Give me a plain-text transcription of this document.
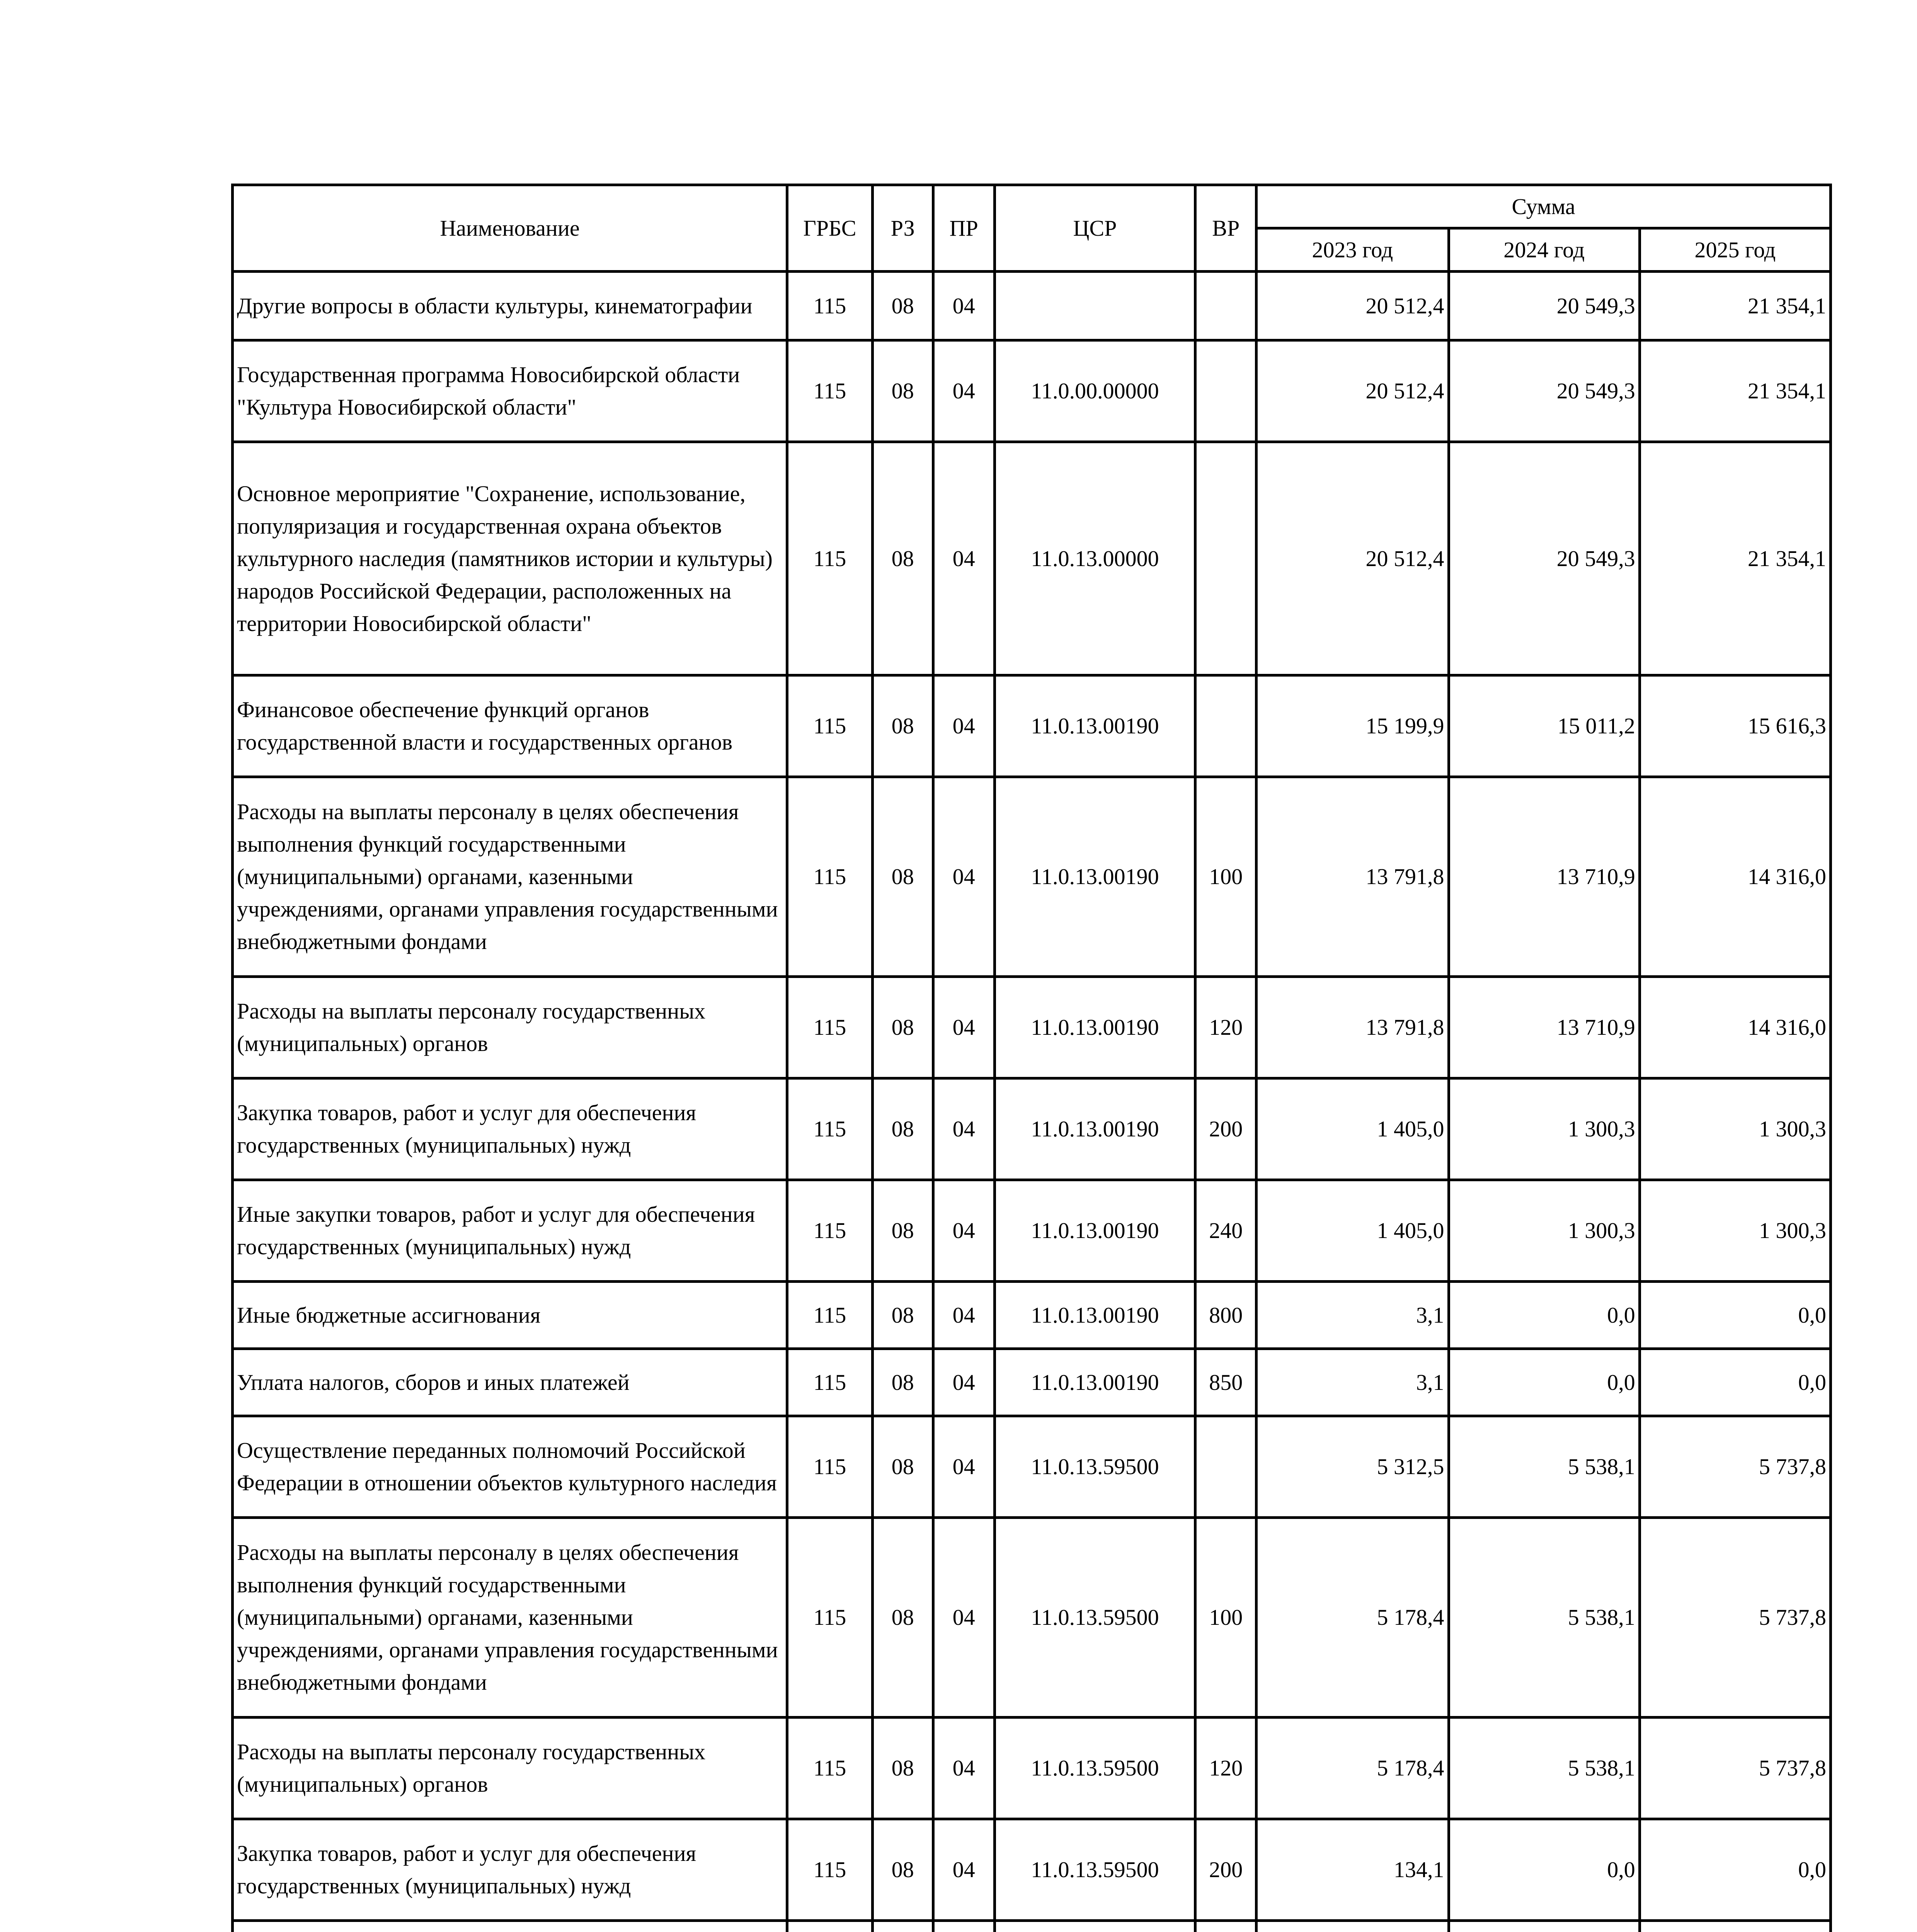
Наименование	ГРБС	РЗ	ПР	ЦСР	ВР	Сумма		
						2023 год	2024 год	2025 год
Другие вопросы в области культуры, кинематографии	115	08	04			20 512,4	20 549,3	21 354,1
Государственная программа Новосибирской области "Культура Новосибирской области"	115	08	04	11.0.00.00000		20 512,4	20 549,3	21 354,1
Основное мероприятие "Сохранение, использование, популяризация и государственная охрана объектов культурного наследия (памятников истории и культуры) народов Российской Федерации, расположенных на территории Новосибирской области"	115	08	04	11.0.13.00000		20 512,4	20 549,3	21 354,1
Финансовое обеспечение функций органов государственной власти и государственных органов	115	08	04	11.0.13.00190		15 199,9	15 011,2	15 616,3
Расходы на выплаты персоналу в целях обеспечения выполнения функций государственными (муниципальными) органами, казенными учреждениями, органами управления государственными внебюджетными фондами	115	08	04	11.0.13.00190	100	13 791,8	13 710,9	14 316,0
Расходы на выплаты персоналу государственных (муниципальных) органов	115	08	04	11.0.13.00190	120	13 791,8	13 710,9	14 316,0
Закупка товаров, работ и услуг для обеспечения государственных (муниципальных) нужд	115	08	04	11.0.13.00190	200	1 405,0	1 300,3	1 300,3
Иные закупки товаров, работ и услуг для обеспечения государственных (муниципальных) нужд	115	08	04	11.0.13.00190	240	1 405,0	1 300,3	1 300,3
Иные бюджетные ассигнования	115	08	04	11.0.13.00190	800	3,1	0,0	0,0
Уплата налогов, сборов и иных платежей	115	08	04	11.0.13.00190	850	3,1	0,0	0,0
Осуществление переданных полномочий Российской Федерации в отношении объектов культурного наследия	115	08	04	11.0.13.59500		5 312,5	5 538,1	5 737,8
Расходы на выплаты персоналу в целях обеспечения выполнения функций государственными (муниципальными) органами, казенными учреждениями, органами управления государственными внебюджетными фондами	115	08	04	11.0.13.59500	100	5 178,4	5 538,1	5 737,8
Расходы на выплаты персоналу государственных (муниципальных) органов	115	08	04	11.0.13.59500	120	5 178,4	5 538,1	5 737,8
Закупка товаров, работ и услуг для обеспечения государственных (муниципальных) нужд	115	08	04	11.0.13.59500	200	134,1	0,0	0,0
